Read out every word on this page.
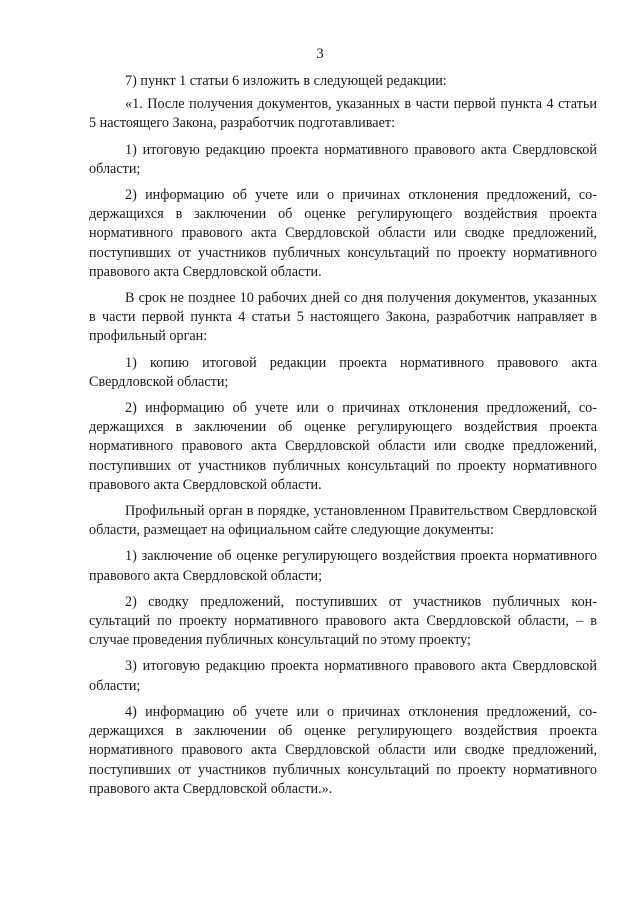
3

7) пункт 1 статьи 6 изложить в следующей редакции:

«1. После получения документов, указанных в части первой пункта 4 статьи 5 настоящего Закона, разработчик подготавливает:

1) итоговую редакцию проекта нормативного правового акта Свердловской области;

2) информацию об учете или о причинах отклонения предложений, содержащихся в заключении об оценке регулирующего воздействия проекта нормативного правового акта Свердловской области или сводке предложений, поступивших от участников публичных консультаций по проекту нормативного правового акта Свердловской области.

В срок не позднее 10 рабочих дней со дня получения документов, указанных в части первой пункта 4 статьи 5 настоящего Закона, разработчик направляет в профильный орган:

1) копию итоговой редакции проекта нормативного правового акта Свердловской области;

2) информацию об учете или о причинах отклонения предложений, содержащихся в заключении об оценке регулирующего воздействия проекта нормативного правового акта Свердловской области или сводке предложений, поступивших от участников публичных консультаций по проекту нормативного правового акта Свердловской области.

Профильный орган в порядке, установленном Правительством Свердловской области, размещает на официальном сайте следующие документы:

1) заключение об оценке регулирующего воздействия проекта нормативного правового акта Свердловской области;

2) сводку предложений, поступивших от участников публичных консультаций по проекту нормативного правового акта Свердловской области, – в случае проведения публичных консультаций по этому проекту;

3) итоговую редакцию проекта нормативного правового акта Свердловской области;

4) информацию об учете или о причинах отклонения предложений, содержащихся в заключении об оценке регулирующего воздействия проекта нормативного правового акта Свердловской области или сводке предложений, поступивших от участников публичных консультаций по проекту нормативного правового акта Свердловской области.».
